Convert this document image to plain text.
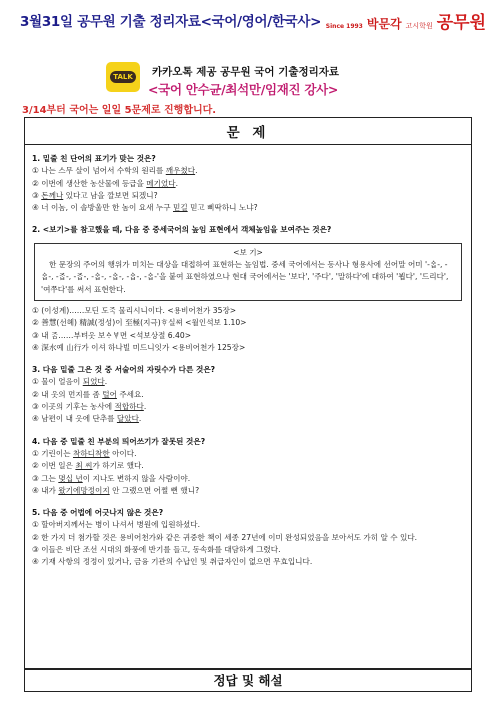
3월31일 공무원 기출 정리자료<국어/영어/한국사> Since 1993 박문각 고시학원 공무원
TALK 카카오톡 제공 공무원 국어 기출정리자료
<국어 안수균/최석만/임재진 강사>
3/14부터 국어는 일일 5문제로 진행합니다.
문 제
1. 밑줄 친 단어의 표기가 맞는 것은?
① 나는 스무 살이 넘어서 수학의 원리를 깨우쳤다.
② 이번에 생산한 농산물에 등급을 메기었다.
③ 돈께나 있다고 남을 깔보면 되겠니?
④ 너 이놈, 이 솔방울만 한 놈이 요새 누구 믿길 믿고 삐딱하니 노냐?
2. <보기>를 참고했을 때, 다음 중 중세국어의 높임 표현에서 객체높임을 보여주는 것은?
<보 기>
한 문장의 주어의 행위가 미치는 대상을 대접하여 표현하는 높임법. 중세 국어에서는 동사나 형용사에 선어말 어미 '-ᅀᆞᆸ-, -ᅀᆞᆸ-, -ᄌᆞᆸ-, -ᄌᆞᆸ-, -ᅀᆞᆸ-, -ᅀᆞᆸ-, -ᅀᆞᆸ-, -ᅀᆞᆸ-'을 붙여 표현하였으나 현대 국어에서는 '보다', '주다', '말하다'에 대하여 '뵙다', '드리다', '여쭈다'를 써서 표현한다.
① (이성계)……모딘 도ᄌᆞᆨ 물리시니이다. <용비어천가 35장>
② 善慧(선혜) 精誠(정성)이 至極(지극)ᄒᆞ실쎠 <월인석보 1.10>
③ 내 ᄌᆞᆷ……부텨옷 보ᅀᆞᄫᆞ면 <석보상절 6.40>
④ 深水예 山行가 이셔 하나빌 미드니잇가 <용비어천가 125장>
3. 다음 밑줄 그은 것 중 서술어의 자릿수가 다른 것은?
① 물이 얼음이 되었다.
② 내 옷의 먼지를 좀 털어 주세요.
③ 이곳의 기후는 농사에 적합하다.
④ 남편이 내 옷에 단추를 달았다.
4. 다음 중 밑줄 친 부분의 띄어쓰기가 잘못된 것은?
① 기린이는 착하디착한 아이다.
② 이번 일은 최 씨가 하기로 했다.
③ 그는 몇십 년이 지나도 변하지 않을 사람이야.
④ 내가 왔기에망정이지 안 그랬으면 어쩔 뻔 했니?
5. 다음 중 어법에 어긋나지 않은 것은?
① 할아버지께서는 병이 나셔서 병원에 입원하셨다.
② 한 가지 더 첨가할 것은 용비어천가와 같은 귀중한 책이 세종 27년에 이미 완성되었음을 보아서도 가히 알 수 있다.
③ 이들은 비단 조선 시대의 화풍에 반기를 들고, 동속화를 대담하게 그렸다.
④ 기재 사항의 정정이 있거나, 금융 기관의 수납인 및 취급자인이 없으면 무효입니다.
정답 및 해설
